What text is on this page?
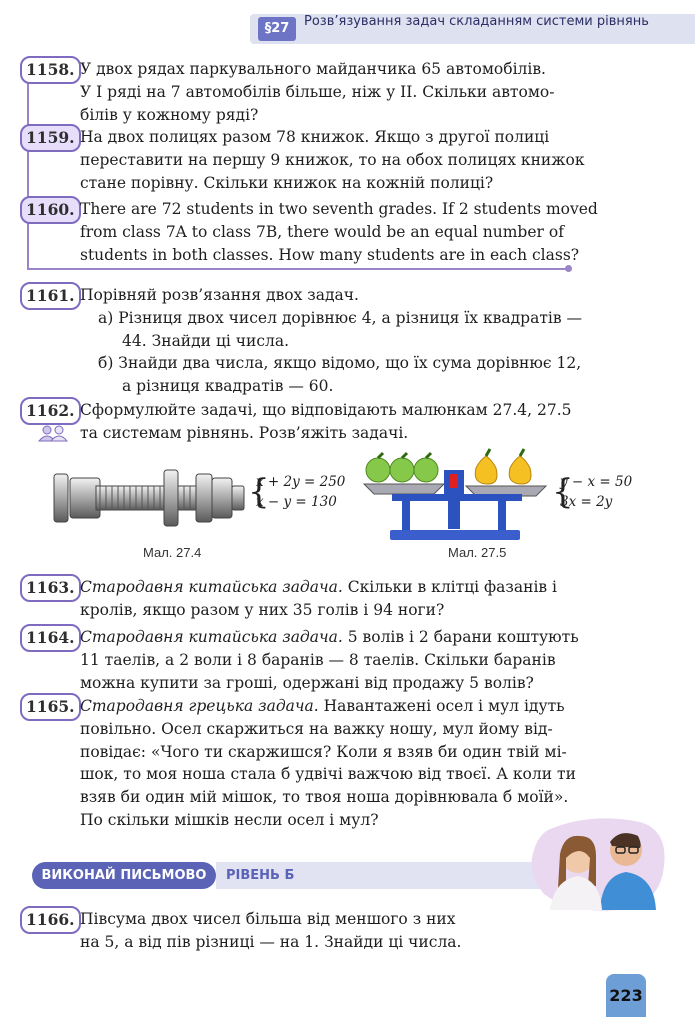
§27	Розв’язування задач складанням системи рівнянь
1158. У двох рядах паркувального майданчика 65 автомобілів.
У І ряді на 7 автомобілів більше, ніж у ІІ. Скільки автомо-
білів у кожному ряді?
1159. На двох полицях разом 78 книжок. Якщо з другої полиці
переставити на першу 9 книжок, то на обох полицях книжок
стане порівну. Скільки книжок на кожній полиці?
1160. There are 72 students in two seventh grades. If 2 students moved
from class 7A to class 7B, there would be an equal number of
students in both classes. How many students are in each class?
1161. Порівняй розв’язання двох задач.
а) Різниця двох чисел дорівнює 4, а різниця їх квадратів —
44. Знайди ці числа.
б) Знайди два числа, якщо відомо, що їх сума дорівнює 12,
а різниця квадратів — 60.
1162. Сформулюйте задачі, що відповідають малюнкам 27.4, 27.5
та системам рівнянь. Розв’яжіть задачі.
{
x + 2y = 250
x − y = 130
Мал. 27.4
{
y − x = 50
3x = 2y
Мал. 27.5
1163. Стародавня китайська задача. Скільки в клітці фазанів і
кролів, якщо разом у них 35 голів і 94 ноги?
1164. Стародавня китайська задача. 5 волів і 2 барани коштують
11 таелів, а 2 воли і 8 баранів — 8 таелів. Скільки баранів
можна купити за гроші, одержані від продажу 5 волів?
1165. Стародавня грецька задача. Навантажені осел і мул ідуть
повільно. Осел скаржиться на важку ношу, мул йому від-
повідає: «Чого ти скаржишся? Коли я взяв би один твій мі-
шок, то моя ноша стала б удвічі важчою від твоєї. А коли ти
взяв би один мій мішок, то твоя ноша дорівнювала б моїй».
По скільки мішків несли осел і мул?
РІВЕНЬ Б
ВИКОНАЙ ПИСЬМОВО
1166. Півсума двох чисел більша від меншого з них
на 5, а від пів різниці — на 1. Знайди ці числа.
223
